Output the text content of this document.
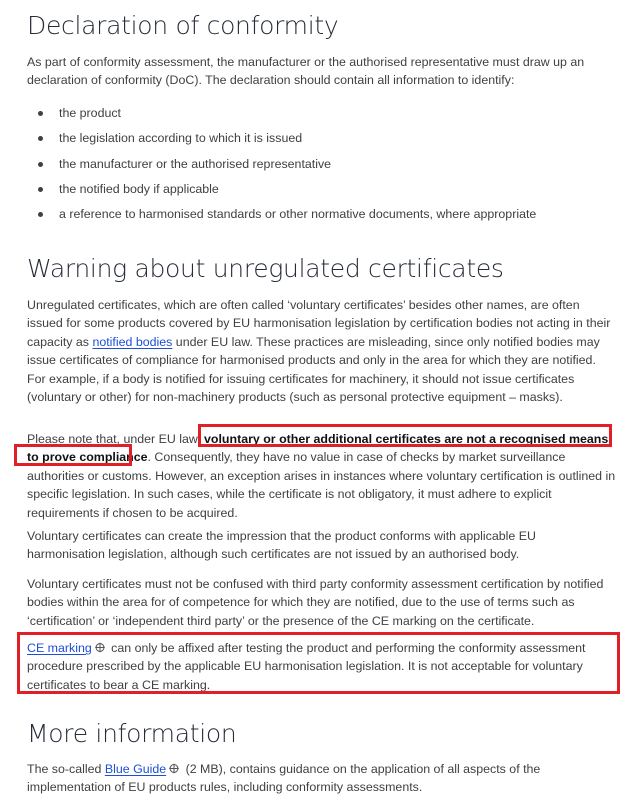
Declaration of conformity

As part of conformity assessment, the manufacturer or the authorised representative must draw up an declaration of conformity (DoC). The declaration should contain all information to identify:

the product
the legislation according to which it is issued
the manufacturer or the authorised representative
the notified body if applicable
a reference to harmonised standards or other normative documents, where appropriate
Warning about unregulated certificates

Unregulated certificates, which are often called ‘voluntary certificates’ besides other names, are often issued for some products covered by EU harmonisation legislation by certification bodies not acting in their capacity as notified bodies under EU law. These practices are misleading, since only notified bodies may issue certificates of compliance for harmonised products and only in the area for which they are notified. For example, if a body is notified for issuing certificates for machinery, it should not issue certificates (voluntary or other) for non-machinery products (such as personal protective equipment – masks).

Please note that, under EU law, voluntary or other additional certificates are not a recognised means to prove compliance. Consequently, they have no value in case of checks by market surveillance authorities or customs. However, an exception arises in instances where voluntary certification is outlined in specific legislation. In such cases, while the certificate is not obligatory, it must adhere to explicit requirements if chosen to be acquired.

Voluntary certificates can create the impression that the product conforms with applicable EU harmonisation legislation, although such certificates are not issued by an authorised body.

Voluntary certificates must not be confused with third party conformity assessment certification by notified bodies within the area for of competence for which they are notified, due to the use of terms such as ‘certification’ or ‘independent third party’ or the presence of the CE marking on the certificate.

CE marking can only be affixed after testing the product and performing the conformity assessment procedure prescribed by the applicable EU harmonisation legislation. It is not acceptable for voluntary certificates to bear a CE marking.

More information

The so-called Blue Guide (2 MB), contains guidance on the application of all aspects of the implementation of EU products rules, including conformity assessments.
